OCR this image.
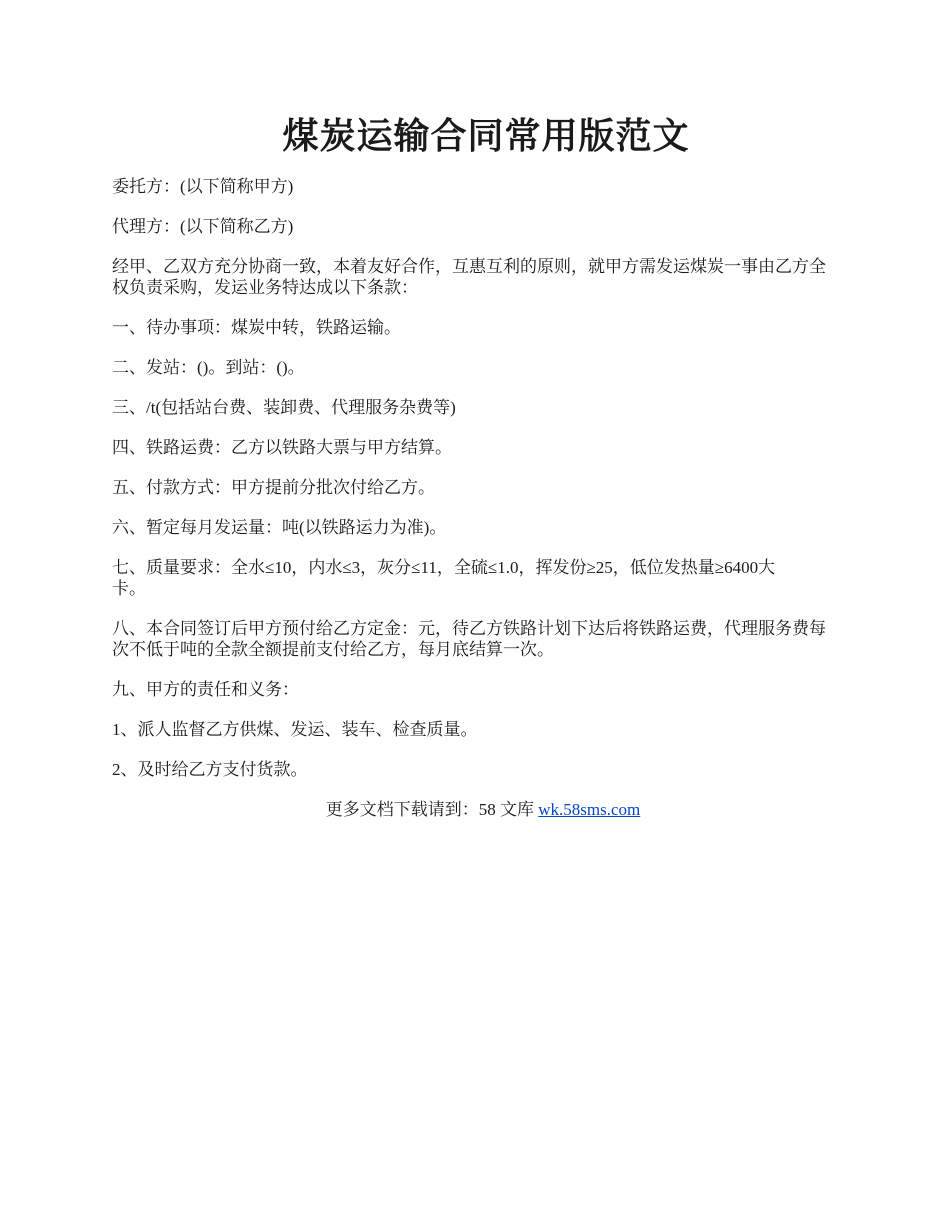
煤炭运输合同常用版范文

委托方：(以下简称甲方)

代理方：(以下简称乙方)

经甲、乙双方充分协商一致，本着友好合作，互惠互利的原则，就甲方需发运煤炭一事由乙方全权负责采购，发运业务特达成以下条款：

一、待办事项：煤炭中转，铁路运输。

二、发站：()。到站：()。

三、/t(包括站台费、装卸费、代理服务杂费等)

四、铁路运费：乙方以铁路大票与甲方结算。

五、付款方式：甲方提前分批次付给乙方。

六、暂定每月发运量：吨(以铁路运力为准)。

七、质量要求：全水≤10，内水≤3，灰分≤11，全硫≤1.0，挥发份≥25，低位发热量≥6400大卡。

八、本合同签订后甲方预付给乙方定金：元，待乙方铁路计划下达后将铁路运费，代理服务费每次不低于吨的全款全额提前支付给乙方，每月底结算一次。

九、甲方的责任和义务：

1、派人监督乙方供煤、发运、装车、检查质量。

2、及时给乙方支付货款。

更多文档下载请到：58 文库 wk.58sms.com
